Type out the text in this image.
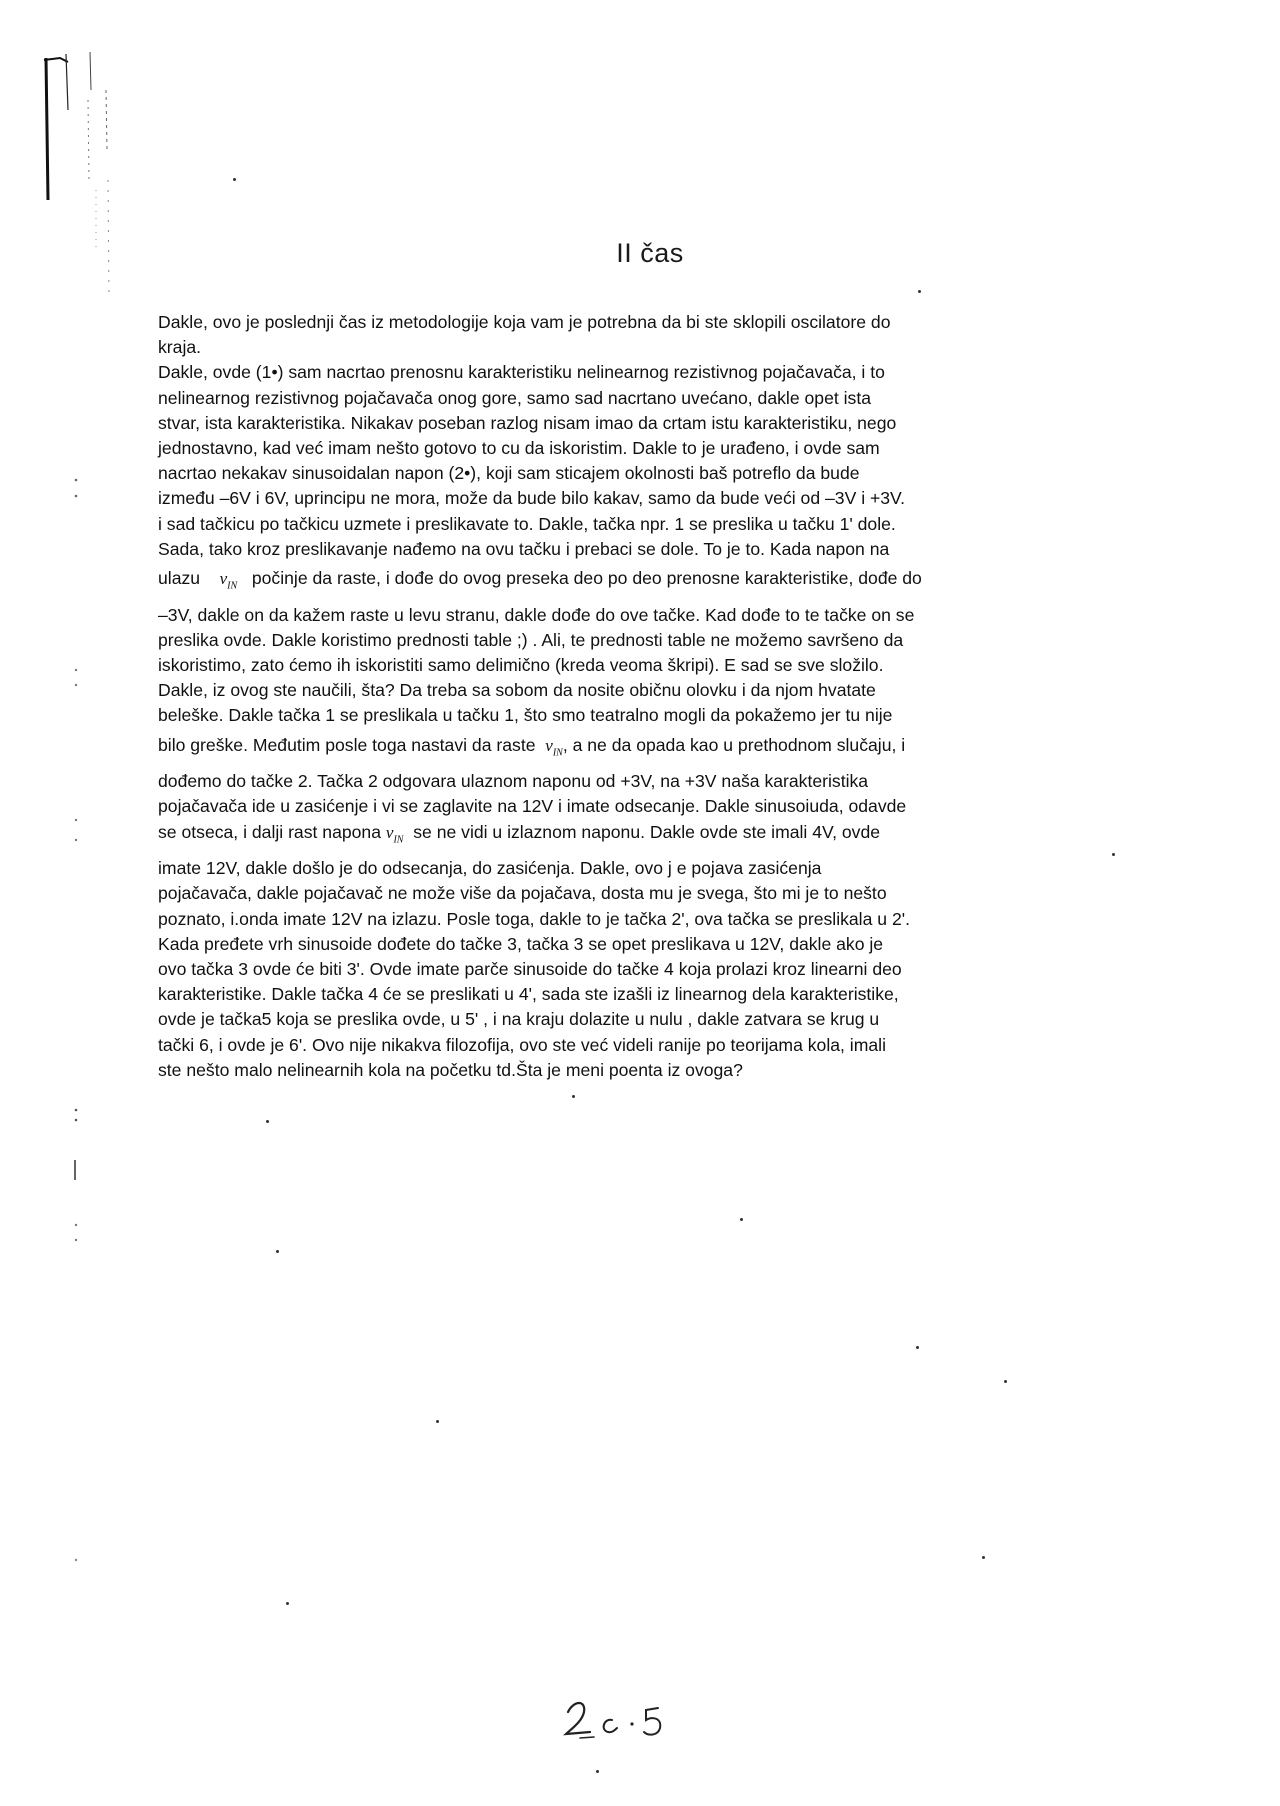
II čas
Dakle, ovo je poslednji čas iz metodologije koja vam je potrebna da bi ste sklopili oscilatore do
kraja.
Dakle, ovde (1•) sam nacrtao prenosnu karakteristiku nelinearnog rezistivnog pojačavača, i to
nelinearnog rezistivnog pojačavača onog gore, samo sad nacrtano uvećano, dakle opet ista
stvar, ista karakteristika. Nikakav poseban razlog nisam imao da crtam istu karakteristiku, nego
jednostavno, kad već imam nešto gotovo to cu da iskoristim. Dakle to je urađeno, i ovde sam
nacrtao nekakav sinusoidalan napon (2•), koji sam sticajem okolnosti baš potreflo da bude
između –6V i 6V, uprincipu ne mora, može da bude bilo kakav, samo da bude veći od –3V i +3V.
i sad tačkicu po tačkicu uzmete i preslikavate to. Dakle, tačka npr. 1 se preslika u tačku 1' dole.
Sada, tako kroz preslikavanje nađemo na ovu tačku i prebaci se dole. To je to. Kada napon na
ulazu $v_{IN}$ počinje da raste, i dođe do ovog preseka deo po deo prenosne karakteristike, dođe do
–3V, dakle on da kažem raste u levu stranu, dakle dođe do ove tačke. Kad dođe to te tačke on se
preslika ovde. Dakle koristimo prednosti table ;) . Ali, te prednosti table ne možemo savršeno da
iskoristimo, zato ćemo ih iskoristiti samo delimično (kreda veoma škripi). E sad se sve složilo.
Dakle, iz ovog ste naučili, šta? Da treba sa sobom da nosite običnu olovku i da njom hvatate
beleške. Dakle tačka 1 se preslikala u tačku 1, što smo teatralno mogli da pokažemo jer tu nije
bilo greške. Međutim posle toga nastavi da raste $v_{IN}$, a ne da opada kao u prethodnom slučaju, i
dođemo do tačke 2. Tačka 2 odgovara ulaznom naponu od +3V, na +3V naša karakteristika
pojačavača ide u zasićenje i vi se zaglavite na 12V i imate odsecanje. Dakle sinusoiuda, odavde
se otseca, i dalji rast napona $v_{IN}$ se ne vidi u izlaznom naponu. Dakle ovde ste imali 4V, ovde
imate 12V, dakle došlo je do odsecanja, do zasićenja. Dakle, ovo j e pojava zasićenja
pojačavača, dakle pojačavač ne može više da pojačava, dosta mu je svega, što mi je to nešto
poznato, i.onda imate 12V na izlazu. Posle toga, dakle to je tačka 2', ova tačka se preslikala u 2'.
Kada pređete vrh sinusoide dođete do tačke 3, tačka 3 se opet preslikava u 12V, dakle ako je
ovo tačka 3 ovde će biti 3'. Ovde imate parče sinusoide do tačke 4 koja prolazi kroz linearni deo
karakteristike. Dakle tačka 4 će se preslikati u 4', sada ste izašli iz linearnog dela karakteristike,
ovde je tačka5 koja se preslika ovde, u 5' , i na kraju dolazite u nulu , dakle zatvara se krug u
tački 6, i ovde je 6'. Ovo nije nikakva filozofija, ovo ste već videli ranije po teorijama kola, imali
ste nešto malo nelinearnih kola na početku td.Šta je meni poenta iz ovoga?
